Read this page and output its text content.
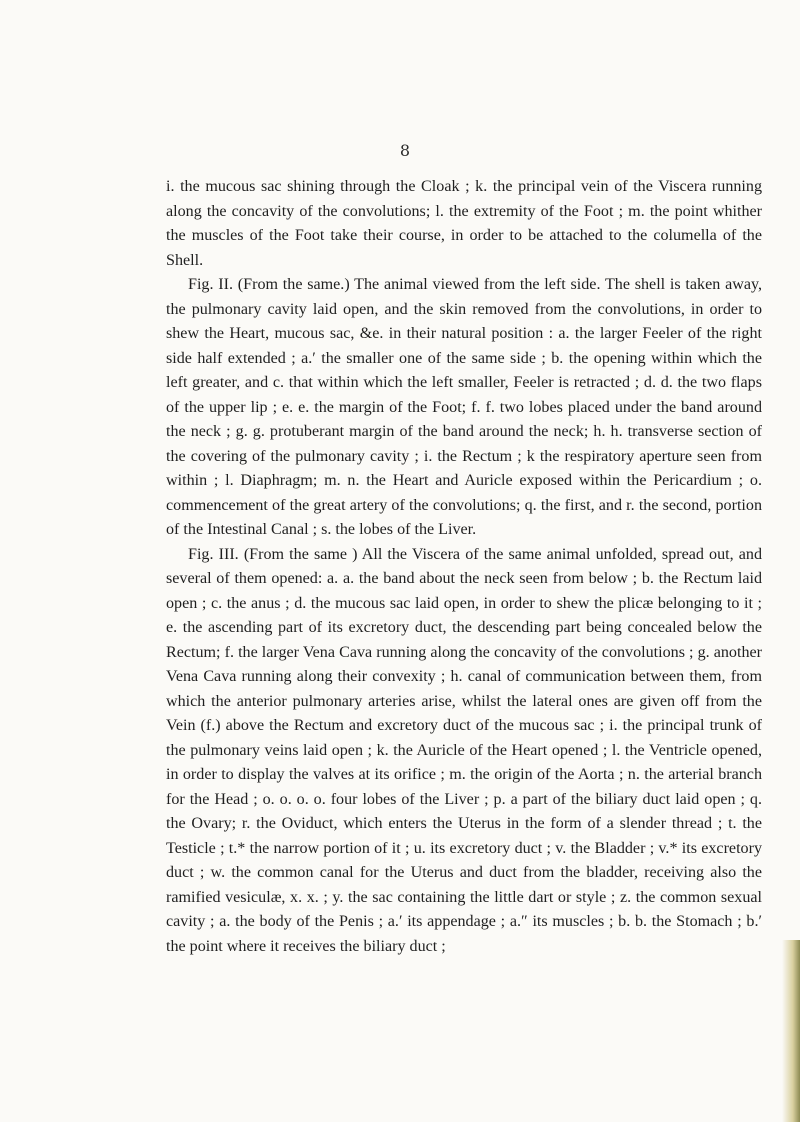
8

i. the mucous sac shining through the Cloak ; k. the principal vein of the Viscera running along the concavity of the convolutions; l. the extremity of the Foot ; m. the point whither the muscles of the Foot take their course, in order to be attached to the columella of the Shell.

Fig. II. (From the same.) The animal viewed from the left side. The shell is taken away, the pulmonary cavity laid open, and the skin removed from the convolutions, in order to shew the Heart, mucous sac, &e. in their natural position : a. the larger Feeler of the right side half extended ; a.′ the smaller one of the same side ; b. the opening within which the left greater, and c. that within which the left smaller, Feeler is retracted ; d. d. the two flaps of the upper lip ; e. e. the margin of the Foot; f. f. two lobes placed under the band around the neck ; g. g. protuberant margin of the band around the neck; h. h. transverse section of the covering of the pulmonary cavity ; i. the Rectum ; k the respiratory aperture seen from within ; l. Diaphragm; m. n. the Heart and Auricle exposed within the Pericardium ; o. commencement of the great artery of the convolutions; q. the first, and r. the second, portion of the Intestinal Canal ; s. the lobes of the Liver.

Fig. III. (From the same ) All the Viscera of the same animal unfolded, spread out, and several of them opened: a. a. the band about the neck seen from below ; b. the Rectum laid open ; c. the anus ; d. the mucous sac laid open, in order to shew the plicæ belonging to it ; e. the ascending part of its excretory duct, the descending part being concealed below the Rectum; f. the larger Vena Cava running along the concavity of the convolutions ; g. another Vena Cava running along their convexity ; h. canal of communication between them, from which the anterior pulmonary arteries arise, whilst the lateral ones are given off from the Vein (f.) above the Rectum and excretory duct of the mucous sac ; i. the principal trunk of the pulmonary veins laid open ; k. the Auricle of the Heart opened ; l. the Ventricle opened, in order to display the valves at its orifice ; m. the origin of the Aorta ; n. the arterial branch for the Head ; o. o. o. o. four lobes of the Liver ; p. a part of the biliary duct laid open ; q. the Ovary; r. the Oviduct, which enters the Uterus in the form of a slender thread ; t. the Testicle ; t.* the narrow portion of it ; u. its excretory duct ; v. the Bladder ; v.* its excretory duct ; w. the common canal for the Uterus and duct from the bladder, receiving also the ramified vesiculæ, x. x. ; y. the sac containing the little dart or style ; z. the common sexual cavity ; a. the body of the Penis ; a.′ its appendage ; a.″ its muscles ; b. b. the Stomach ; b.′ the point where it receives the biliary duct ;
